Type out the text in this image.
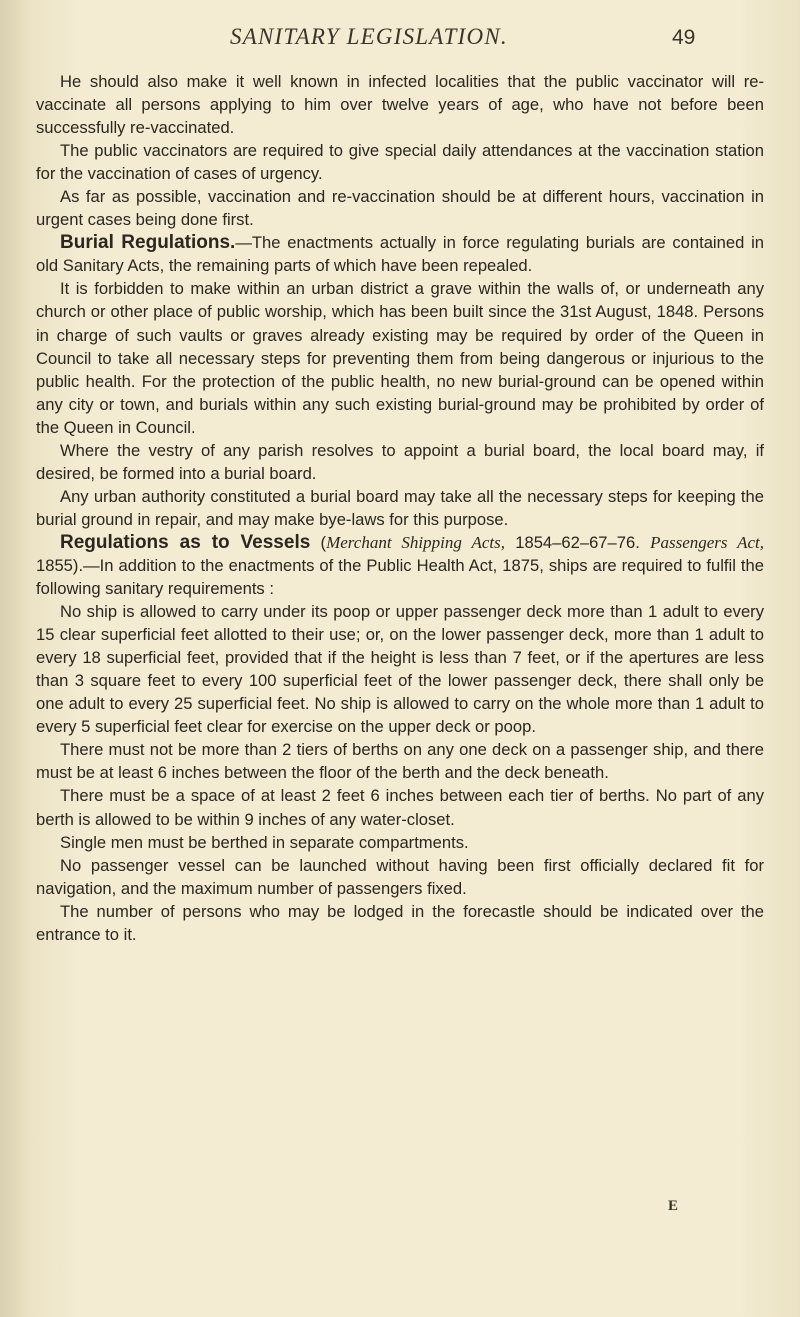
SANITARY LEGISLATION.	49

He should also make it well known in infected localities that the public vaccinator will re-vaccinate all persons applying to him over twelve years of age, who have not before been successfully re-vaccinated.

The public vaccinators are required to give special daily attendances at the vaccination station for the vaccination of cases of urgency.

As far as possible, vaccination and re-vaccination should be at different hours, vaccination in urgent cases being done first.

Burial Regulations.—The enactments actually in force regulating burials are contained in old Sanitary Acts, the remaining parts of which have been repealed.

It is forbidden to make within an urban district a grave within the walls of, or underneath any church or other place of public worship, which has been built since the 31st August, 1848. Persons in charge of such vaults or graves already existing may be required by order of the Queen in Council to take all necessary steps for preventing them from being dangerous or injurious to the public health. For the protection of the public health, no new burial-ground can be opened within any city or town, and burials within any such existing burial-ground may be prohibited by order of the Queen in Council.

Where the vestry of any parish resolves to appoint a burial board, the local board may, if desired, be formed into a burial board.

Any urban authority constituted a burial board may take all the necessary steps for keeping the burial ground in repair, and may make bye-laws for this purpose.

Regulations as to Vessels (Merchant Shipping Acts, 1854–62–67–76. Passengers Act, 1855).—In addition to the enactments of the Public Health Act, 1875, ships are required to fulfil the following sanitary requirements :

No ship is allowed to carry under its poop or upper passenger deck more than 1 adult to every 15 clear superficial feet allotted to their use; or, on the lower passenger deck, more than 1 adult to every 18 superficial feet, provided that if the height is less than 7 feet, or if the apertures are less than 3 square feet to every 100 superficial feet of the lower passenger deck, there shall only be one adult to every 25 superficial feet. No ship is allowed to carry on the whole more than 1 adult to every 5 superficial feet clear for exercise on the upper deck or poop.

There must not be more than 2 tiers of berths on any one deck on a passenger ship, and there must be at least 6 inches between the floor of the berth and the deck beneath.

There must be a space of at least 2 feet 6 inches between each tier of berths. No part of any berth is allowed to be within 9 inches of any water-closet.

Single men must be berthed in separate compartments.

No passenger vessel can be launched without having been first officially declared fit for navigation, and the maximum number of passengers fixed.

The number of persons who may be lodged in the forecastle should be indicated over the entrance to it.

E
